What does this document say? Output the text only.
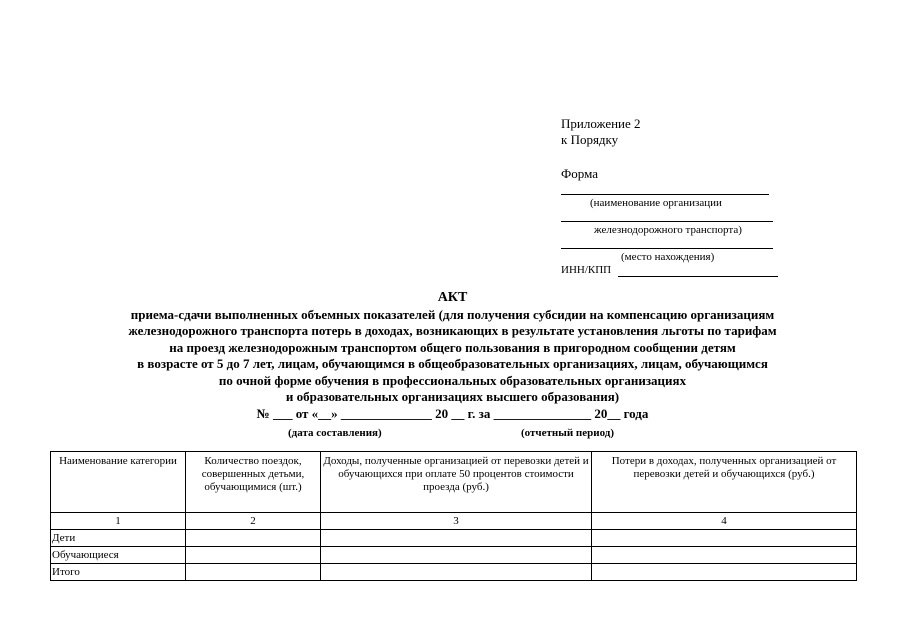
Приложение 2
к Порядку
Форма
(наименование организации
железнодорожного транспорта)
(место нахождения)
ИНН/КПП
АКТ
приема-сдачи выполненных объемных показателей (для получения субсидии на компенсацию организациям
железнодорожного транспорта потерь в доходах, возникающих в результате установления льготы по тарифам
на проезд железнодорожным транспортом общего пользования в пригородном сообщении детям
в возрасте от 5 до 7 лет, лицам, обучающимся в общеобразовательных организациях, лицам, обучающимся
по очной форме обучения в профессиональных образовательных организациях
и образовательных организациях высшего образования)
№ ___ от «__» ______________ 20 __ г. за _______________ 20__ года
(дата составления)	(отчетный период)
Наименование категории	Количество поездок, совершенных детьми, обучающимися (шт.)	Доходы, полученные организацией от перевозки детей и обучающихся при оплате 50 процентов стоимости проезда (руб.)	Потери в доходах, полученных организацией от перевозки детей и обучающихся (руб.)
1	2	3	4
Дети			
Обучающиеся			
Итого			
